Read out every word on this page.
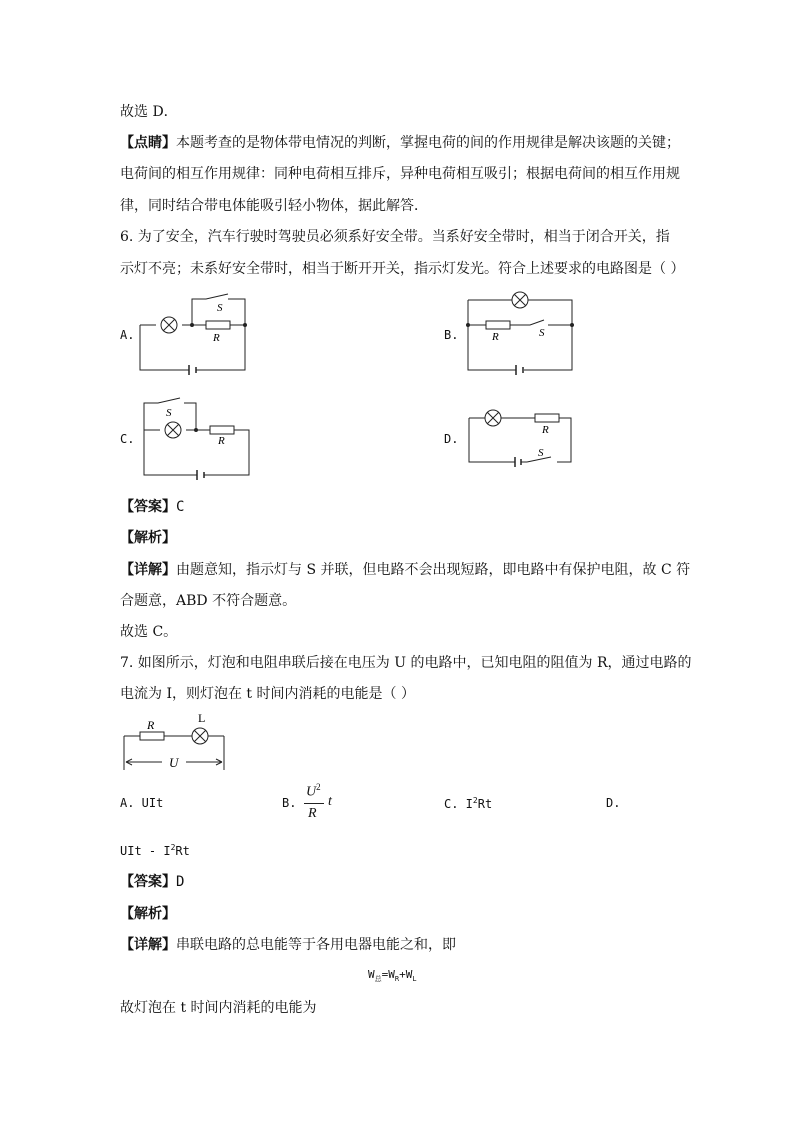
故选 D．
【点睛】本题考查的是物体带电情况的判断，掌握电荷的间的作用规律是解决该题的关键；
电荷间的相互作用规律：同种电荷相互排斥，异种电荷相互吸引；根据电荷间的相互作用规
律，同时结合带电体能吸引轻小物体，据此解答．
6. 为了安全，汽车行驶时驾驶员必须系好安全带。当系好安全带时，相当于闭合开关，指
示灯不亮；未系好安全带时，相当于断开开关，指示灯发光。符合上述要求的电路图是（ ）
A.	B.
C.	D.
S
R	R	S
S
R
R
S
【答案】C
【解析】
【详解】由题意知，指示灯与 S 并联，但电路不会出现短路，即电路中有保护电阻，故 C 符
合题意，ABD 不符合题意。
故选 C。
7. 如图所示，灯泡和电阻串联后接在电压为 U 的电路中，已知电阻的阻值为 R，通过电路的
电流为 I，则灯泡在 t 时间内消耗的电能是（ ）
R	L
U
A. UIt	B.
$U^2$
R
t	C. $I^2Rt$	D.
UIt - $I^2Rt$
【答案】D
【解析】
【详解】串联电路的总电能等于各用电器电能之和，即
$W_总=W_R+W_L$
故灯泡在 t 时间内消耗的电能为
